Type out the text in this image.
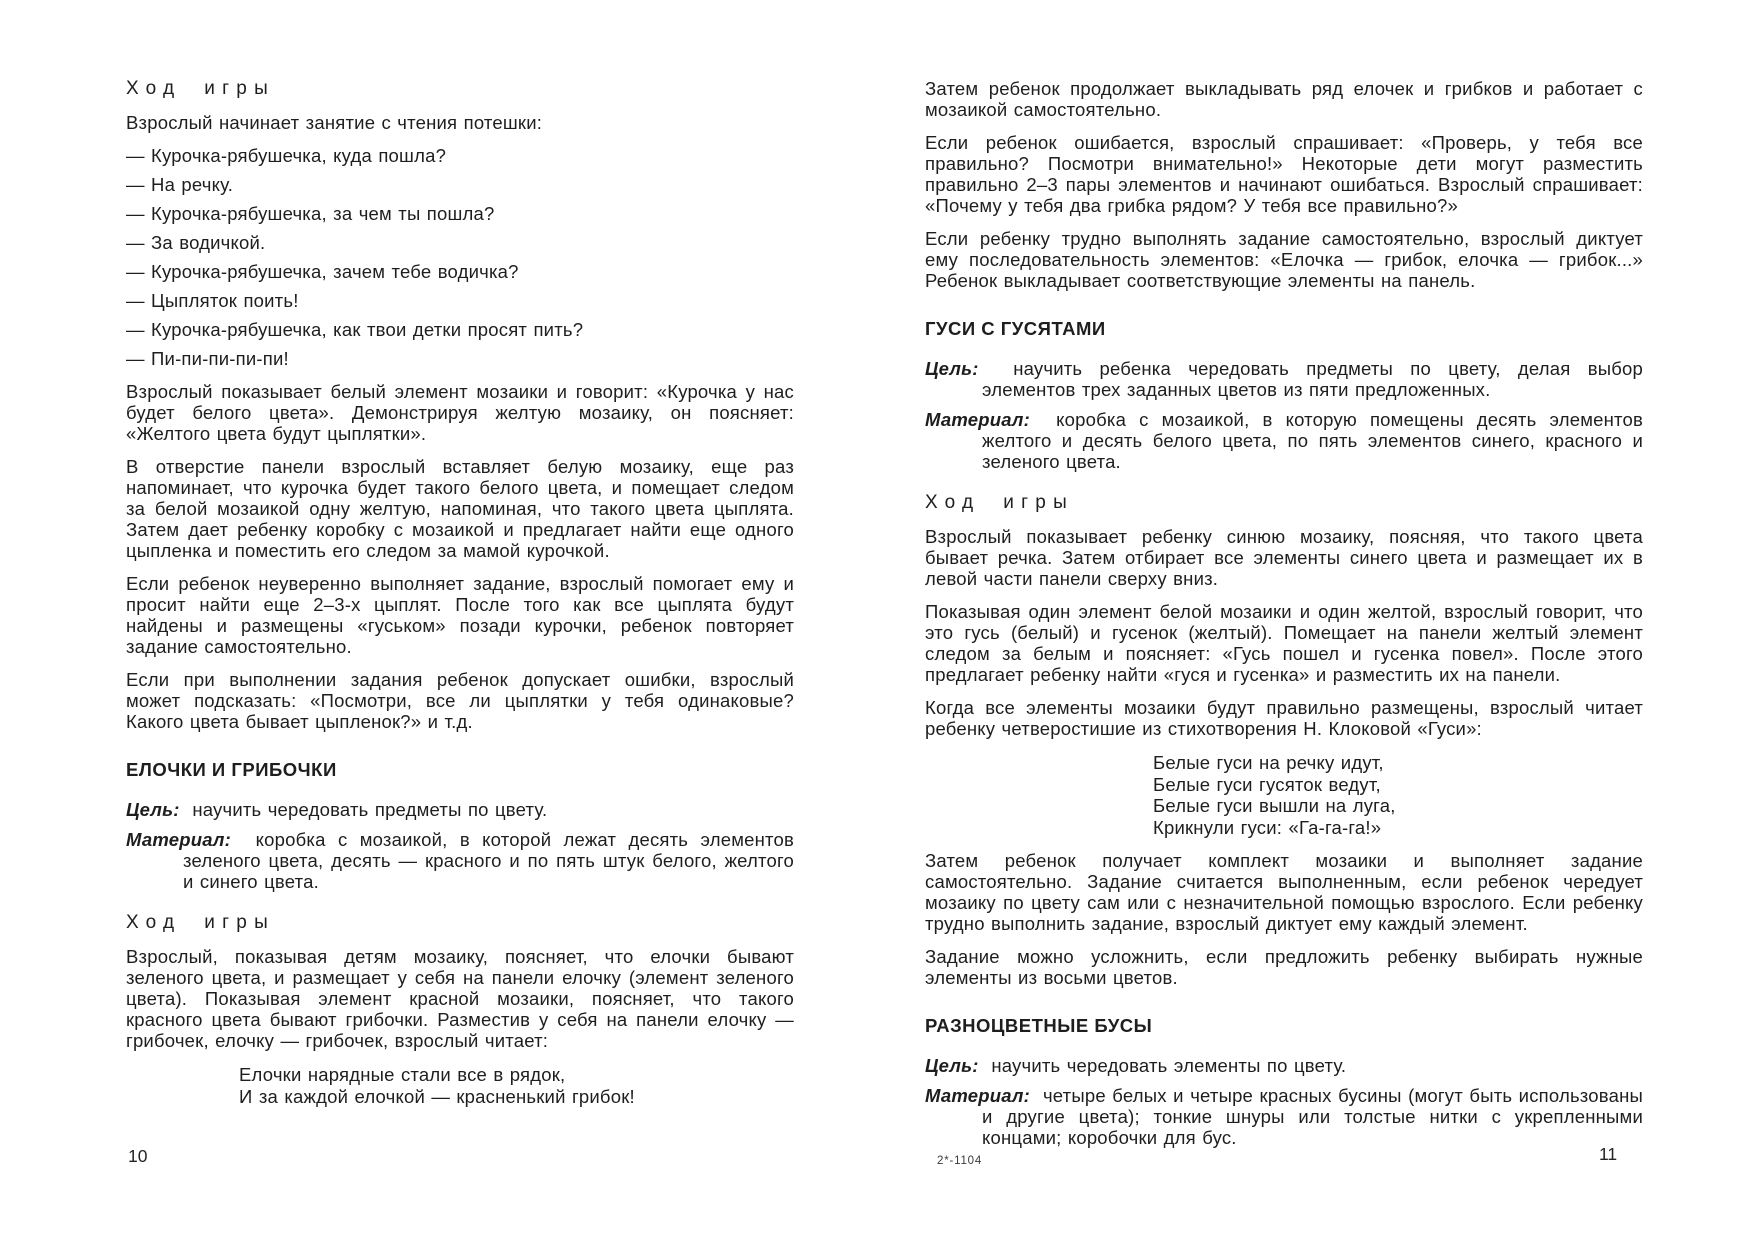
Ход игры

Взрослый начинает занятие с чтения потешки:

— Курочка-рябушечка, куда пошла?
— На речку.
— Курочка-рябушечка, за чем ты пошла?
— За водичкой.
— Курочка-рябушечка, зачем тебе водичка?
— Цыпляток поить!
— Курочка-рябушечка, как твои детки просят пить?
— Пи-пи-пи-пи-пи!

Взрослый показывает белый элемент мозаики и говорит: «Курочка у нас будет белого цвета». Демонстрируя желтую мозаику, он поясняет: «Желтого цвета будут цыплятки».

В отверстие панели взрослый вставляет белую мозаику, еще раз напоминает, что курочка будет такого белого цвета, и помещает следом за белой мозаикой одну желтую, напоминая, что такого цвета цыплята. Затем дает ребенку коробку с мозаикой и предлагает найти еще одного цыпленка и поместить его следом за мамой курочкой.

Если ребенок неуверенно выполняет задание, взрослый помогает ему и просит найти еще 2–3-х цыплят. После того как все цыплята будут найдены и размещены «гуськом» позади курочки, ребенок повторяет задание самостоятельно.

Если при выполнении задания ребенок допускает ошибки, взрослый может подсказать: «Посмотри, все ли цыплятки у тебя одинаковые? Какого цвета бывает цыпленок?» и т.д.

ЕЛОЧКИ И ГРИБОЧКИ

Цель: научить чередовать предметы по цвету.

Материал: коробка с мозаикой, в которой лежат десять элементов зеленого цвета, десять — красного и по пять штук белого, желтого и синего цвета.

Ход игры

Взрослый, показывая детям мозаику, поясняет, что елочки бывают зеленого цвета, и размещает у себя на панели елочку (элемент зеленого цвета). Показывая элемент красной мозаики, поясняет, что такого красного цвета бывают грибочки. Разместив у себя на панели елочку — грибочек, елочку — грибочек, взрослый читает:

Елочки нарядные стали все в рядок,
И за каждой елочкой — красненький грибок!

Затем ребенок продолжает выкладывать ряд елочек и грибков и работает с мозаикой самостоятельно.

Если ребенок ошибается, взрослый спрашивает: «Проверь, у тебя все правильно? Посмотри внимательно!» Некоторые дети могут разместить правильно 2–3 пары элементов и начинают ошибаться. Взрослый спрашивает: «Почему у тебя два грибка рядом? У тебя все правильно?»

Если ребенку трудно выполнять задание самостоятельно, взрослый диктует ему последовательность элементов: «Елочка — грибок, елочка — грибок...» Ребенок выкладывает соответствующие элементы на панель.

ГУСИ С ГУСЯТАМИ

Цель: научить ребенка чередовать предметы по цвету, делая выбор элементов трех заданных цветов из пяти предложенных.

Материал: коробка с мозаикой, в которую помещены десять элементов желтого и десять белого цвета, по пять элементов синего, красного и зеленого цвета.

Ход игры

Взрослый показывает ребенку синюю мозаику, поясняя, что такого цвета бывает речка. Затем отбирает все элементы синего цвета и размещает их в левой части панели сверху вниз.

Показывая один элемент белой мозаики и один желтой, взрослый говорит, что это гусь (белый) и гусенок (желтый). Помещает на панели желтый элемент следом за белым и поясняет: «Гусь пошел и гусенка повел». После этого предлагает ребенку найти «гуся и гусенка» и разместить их на панели.

Когда все элементы мозаики будут правильно размещены, взрослый читает ребенку четверостишие из стихотворения Н. Клоковой «Гуси»:

Белые гуси на речку идут,
Белые гуси гусяток ведут,
Белые гуси вышли на луга,
Крикнули гуси: «Га-га-га!»

Затем ребенок получает комплект мозаики и выполняет задание самостоятельно. Задание считается выполненным, если ребенок чередует мозаику по цвету сам или с незначительной помощью взрослого. Если ребенку трудно выполнить задание, взрослый диктует ему каждый элемент.

Задание можно усложнить, если предложить ребенку выбирать нужные элементы из восьми цветов.

РАЗНОЦВЕТНЫЕ БУСЫ

Цель: научить чередовать элементы по цвету.

Материал: четыре белых и четыре красных бусины (могут быть использованы и другие цвета); тонкие шнуры или толстые нитки с укрепленными концами; коробочки для бус.

10	2*-1104	11
